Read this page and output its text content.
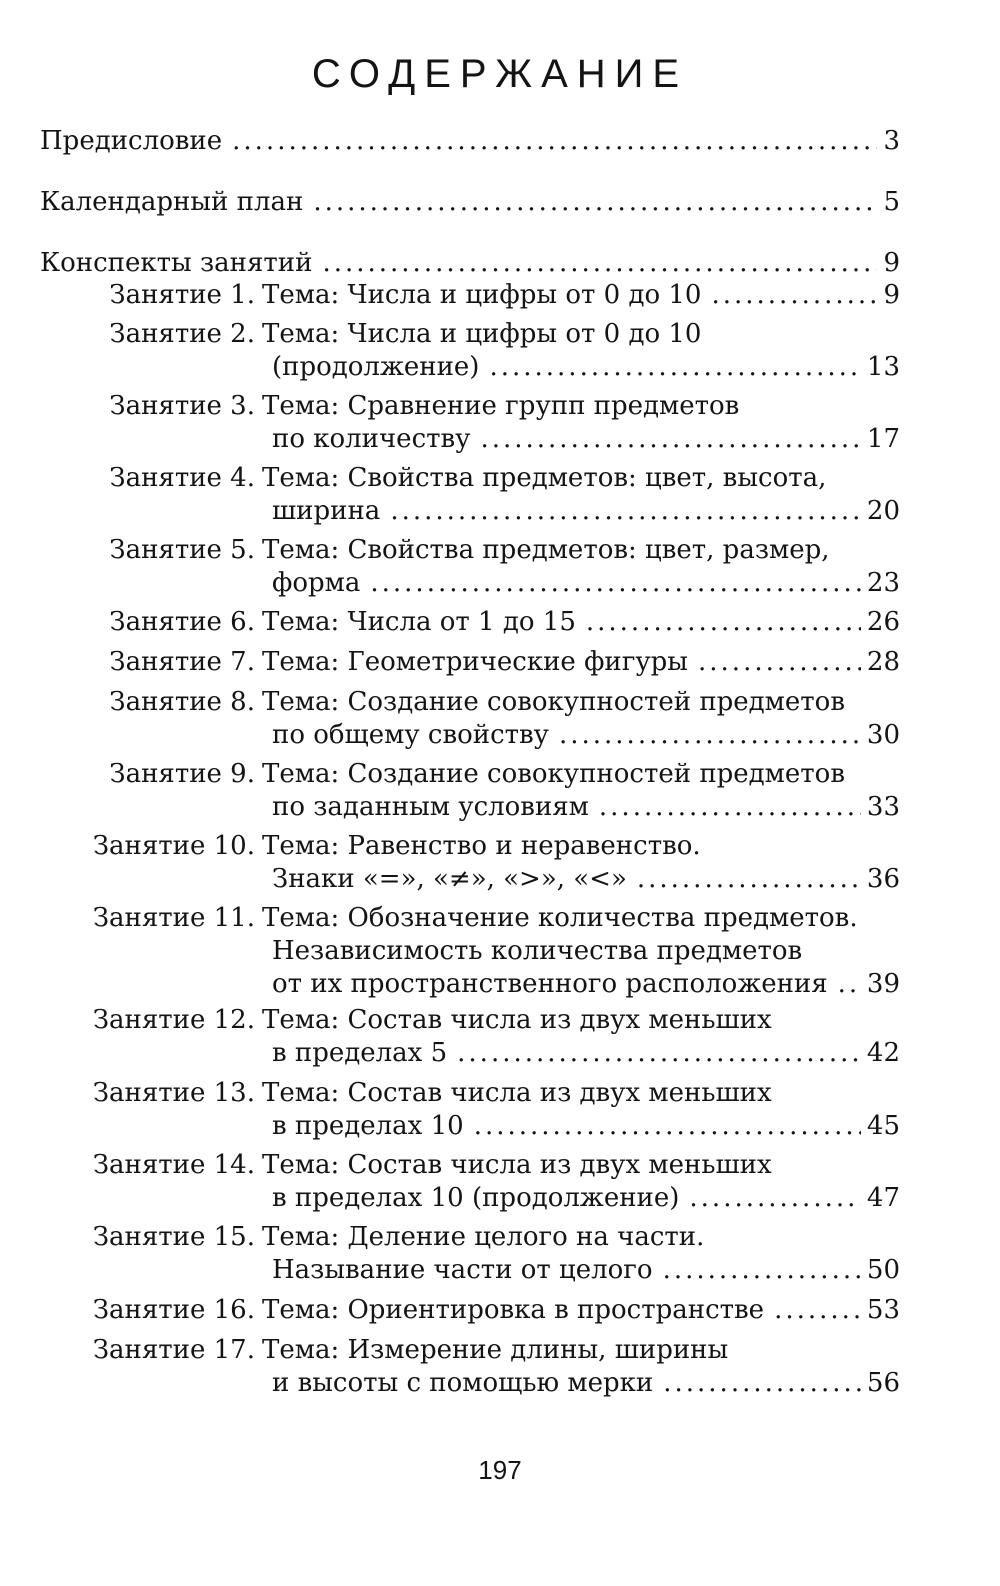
СОДЕРЖАНИЕ
Предисловие .....	3
Календарный план .....	5
Конспекты занятий .....	9
Занятие 1. Тема: Числа и цифры от 0 до 10 .....	9
Занятие 2. Тема: Числа и цифры от 0 до 10
(продолжение) .....	13
Занятие 3. Тема: Сравнение групп предметов
по количеству .....	17
Занятие 4. Тема: Свойства предметов: цвет, высота,
ширина .....	20
Занятие 5. Тема: Свойства предметов: цвет, размер,
форма .....	23
Занятие 6. Тема: Числа от 1 до 15 .....	26
Занятие 7. Тема: Геометрические фигуры .....	28
Занятие 8. Тема: Создание совокупностей предметов
по общему свойству .....	30
Занятие 9. Тема: Создание совокупностей предметов
по заданным условиям .....	33
Занятие 10. Тема: Равенство и неравенство.
Знаки «=», «≠», «>», «<» .....	36
Занятие 11. Тема: Обозначение количества предметов.
Независимость количества предметов
от их пространственного расположения ..... 39
Занятие 12. Тема: Состав числа из двух меньших
в пределах 5 .....	42
Занятие 13. Тема: Состав числа из двух меньших
в пределах 10 .....	45
Занятие 14. Тема: Состав числа из двух меньших
в пределах 10 (продолжение) .....	47
Занятие 15. Тема: Деление целого на части.
Называние части от целого .....	50
Занятие 16. Тема: Ориентировка в пространстве .....	53
Занятие 17. Тема: Измерение длины, ширины
и высоты с помощью мерки .....	56
197
